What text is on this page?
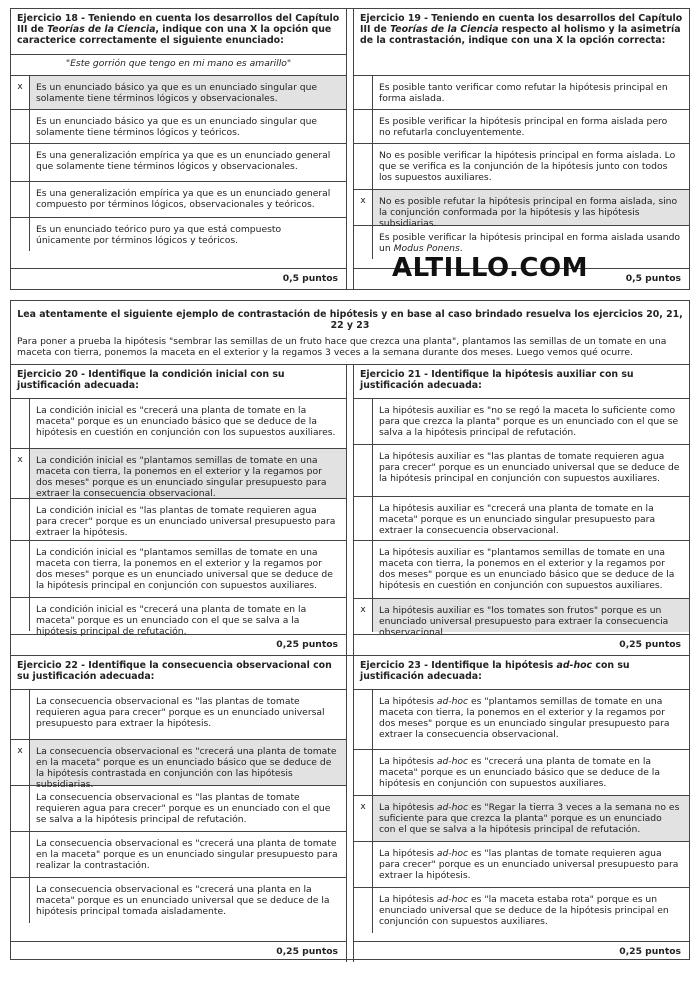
Ejercicio 18 - Teniendo en cuenta los desarrollos del Capítulo III de Teorías de la Ciencia, indique con una X la opción que caracterice correctamente el siguiente enunciado:
"Este gorrión que tengo en mi mano es amarillo"
x	Es un enunciado básico ya que es un enunciado singular que solamente tiene términos lógicos y observacionales.
Es un enunciado básico ya que es un enunciado singular que solamente tiene términos lógicos y teóricos.
Es una generalización empírica ya que es un enunciado general que solamente tiene términos lógicos y observacionales.
Es una generalización empírica ya que es un enunciado general compuesto por términos lógicos, observacionales y teóricos.
Es un enunciado teórico puro ya que está compuesto únicamente por términos lógicos y teóricos.
0,5 puntos
Ejercicio 19 - Teniendo en cuenta los desarrollos del Capítulo III de Teorías de la Ciencia respecto al holismo y la asimetría de la contrastación, indique con una X la opción correcta:
Es posible tanto verificar como refutar la hipótesis principal en forma aislada.
Es posible verificar la hipótesis principal en forma aislada pero no refutarla concluyentemente.
No es posible verificar la hipótesis principal en forma aislada. Lo que se verifica es la conjunción de la hipótesis junto con todos los supuestos auxiliares.
x	No es posible refutar la hipótesis principal en forma aislada, sino la conjunción conformada por la hipótesis y las hipótesis subsidiarias.
Es posible verificar la hipótesis principal en forma aislada usando un Modus Ponens.
0,5 puntos
ALTILLO.COM
Lea atentamente el siguiente ejemplo de contrastación de hipótesis y en base al caso brindado resuelva los ejercicios 20, 21, 22 y 23
Para poner a prueba la hipótesis "sembrar las semillas de un fruto hace que crezca una planta", plantamos las semillas de un tomate en una maceta con tierra, ponemos la maceta en el exterior y la regamos 3 veces a la semana durante dos meses. Luego vemos qué ocurre.
Ejercicio 20 - Identifique la condición inicial con su justificación adecuada:
La condición inicial es "crecerá una planta de tomate en la maceta" porque es un enunciado básico que se deduce de la hipótesis en cuestión en conjunción con los supuestos auxiliares.
x	La condición inicial es "plantamos semillas de tomate en una maceta con tierra, la ponemos en el exterior y la regamos por dos meses" porque es un enunciado singular presupuesto para extraer la consecuencia observacional.
La condición inicial es "las plantas de tomate requieren agua para crecer" porque es un enunciado universal presupuesto para extraer la hipótesis.
La condición inicial es "plantamos semillas de tomate en una maceta con tierra, la ponemos en el exterior y la regamos por dos meses" porque es un enunciado universal que se deduce de la hipótesis principal en conjunción con supuestos auxiliares.
La condición inicial es "crecerá una planta de tomate en la maceta" porque es un enunciado con el que se salva a la hipótesis principal de refutación.
0,25 puntos
Ejercicio 21 - Identifique la hipótesis auxiliar con su justificación adecuada:
La hipótesis auxiliar es "no se regó la maceta lo suficiente como para que crezca la planta" porque es un enunciado con el que se salva a la hipótesis principal de refutación.
La hipótesis auxiliar es "las plantas de tomate requieren agua para crecer" porque es un enunciado universal que se deduce de la hipótesis principal en conjunción con supuestos auxiliares.
La hipótesis auxiliar es "crecerá una planta de tomate en la maceta" porque es un enunciado singular presupuesto para extraer la consecuencia observacional.
La hipótesis auxiliar es "plantamos semillas de tomate en una maceta con tierra, la ponemos en el exterior y la regamos por dos meses" porque es un enunciado básico que se deduce de la hipótesis en cuestión en conjunción con supuestos auxiliares.
x	La hipótesis auxiliar es "los tomates son frutos" porque es un enunciado universal presupuesto para extraer la consecuencia observacional.
0,25 puntos
Ejercicio 22 - Identifique la consecuencia observacional con su justificación adecuada:
La consecuencia observacional es "las plantas de tomate requieren agua para crecer" porque es un enunciado universal presupuesto para extraer la hipótesis.
x	La consecuencia observacional es "crecerá una planta de tomate en la maceta" porque es un enunciado básico que se deduce de la hipótesis contrastada en conjunción con las hipótesis subsidiarias.
La consecuencia observacional es "las plantas de tomate requieren agua para crecer" porque es un enunciado con el que se salva a la hipótesis principal de refutación.
La consecuencia observacional es "crecerá una planta de tomate en la maceta" porque es un enunciado singular presupuesto para realizar la contrastación.
La consecuencia observacional es "crecerá una planta en la maceta" porque es un enunciado universal que se deduce de la hipótesis principal tomada aisladamente.
0,25 puntos
Ejercicio 23 - Identifique la hipótesis ad-hoc con su justificación adecuada:
La hipótesis ad-hoc es "plantamos semillas de tomate en una maceta con tierra, la ponemos en el exterior y la regamos por dos meses" porque es un enunciado singular presupuesto para extraer la consecuencia observacional.
La hipótesis ad-hoc es "crecerá una planta de tomate en la maceta" porque es un enunciado básico que se deduce de la hipótesis en conjunción con supuestos auxiliares.
x	La hipótesis ad-hoc es "Regar la tierra 3 veces a la semana no es suficiente para que crezca la planta" porque es un enunciado con el que se salva a la hipótesis principal de refutación.
La hipótesis ad-hoc es "las plantas de tomate requieren agua para crecer" porque es un enunciado universal presupuesto para extraer la hipótesis.
La hipótesis ad-hoc es "la maceta estaba rota" porque es un enunciado universal que se deduce de la hipótesis principal en conjunción con supuestos auxiliares.
0,25 puntos
